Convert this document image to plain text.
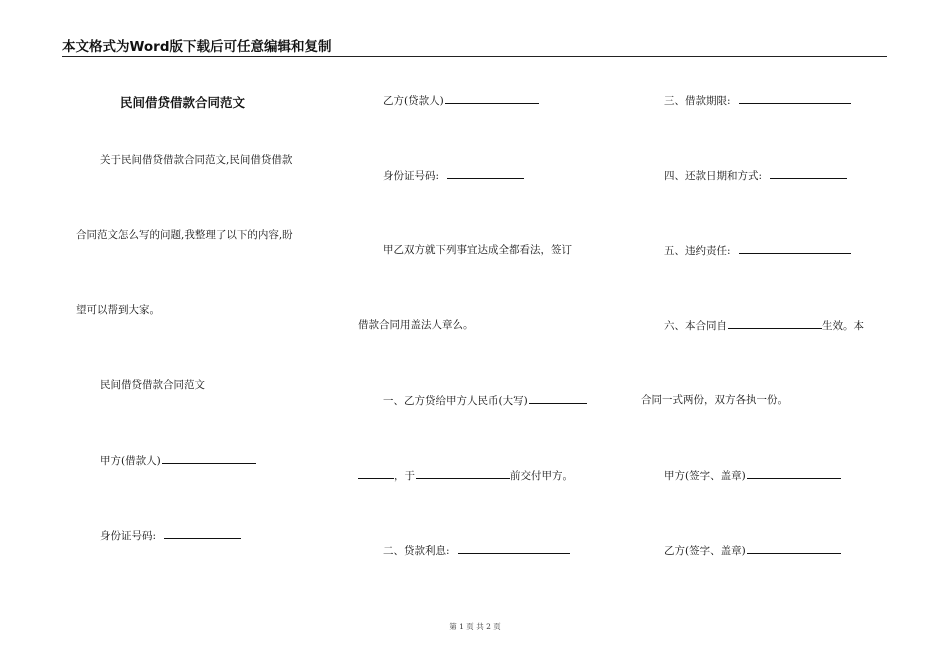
本文格式为Word版下载后可任意编辑和复制
民间借贷借款合同范文
关于民间借贷借款合同范文,民间借贷借款
合同范文怎么写的问题,我整理了以下的内容,盼
望可以帮到大家。
民间借贷借款合同范文
甲方(借款人)
身份证号码:
乙方(贷款人)
身份证号码:
甲乙双方就下列事宜达成全都看法，签订
借款合同用盖法人章么。
一、乙方贷给甲方人民币(大写)
，于	前交付甲方。
二、贷款利息:
三、借款期限:
四、还款日期和方式:
五、违约责任:
六、本合同自	生效。本
合同一式两份，双方各执一份。
甲方(签字、盖章)
乙方(签字、盖章)
第 1 页 共 2 页
